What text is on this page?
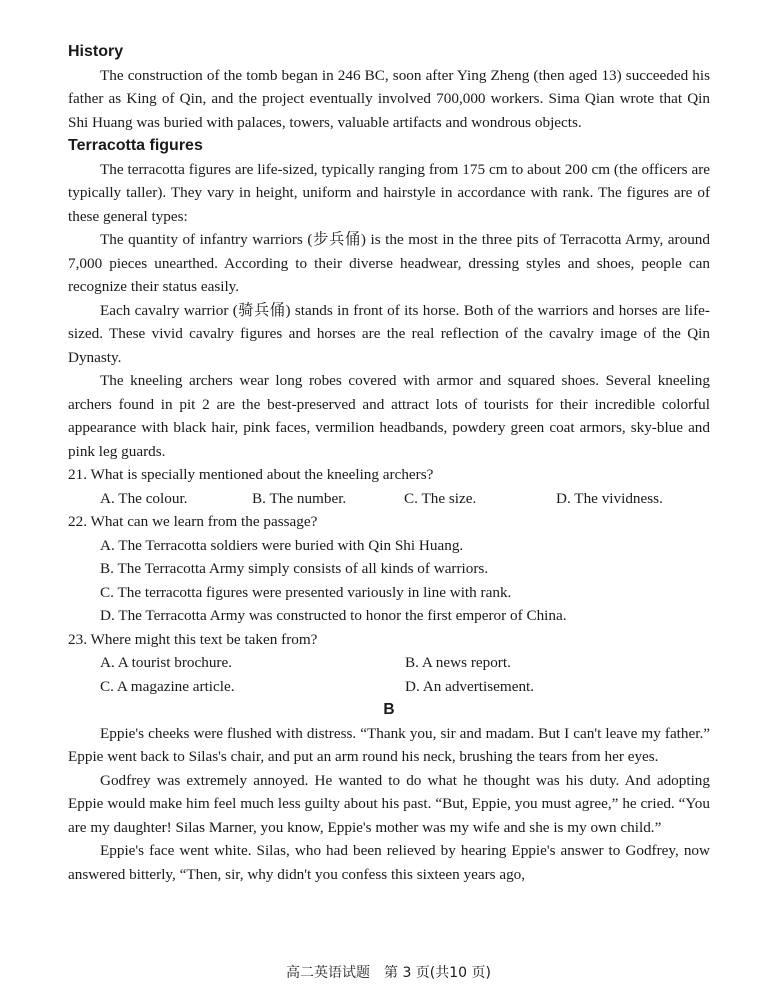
History

The construction of the tomb began in 246 BC, soon after Ying Zheng (then aged 13) succeeded his father as King of Qin, and the project eventually involved 700,000 workers. Sima Qian wrote that Qin Shi Huang was buried with palaces, towers, valuable artifacts and wondrous objects.

Terracotta figures

The terracotta figures are life-sized, typically ranging from 175 cm to about 200 cm (the officers are typically taller). They vary in height, uniform and hairstyle in accordance with rank. The figures are of these general types:

The quantity of infantry warriors (步兵俑) is the most in the three pits of Terracotta Army, around 7,000 pieces unearthed. According to their diverse headwear, dressing styles and shoes, people can recognize their status easily.

Each cavalry warrior (骑兵俑) stands in front of its horse. Both of the warriors and horses are life-sized. These vivid cavalry figures and horses are the real reflection of the cavalry image of the Qin Dynasty.

The kneeling archers wear long robes covered with armor and squared shoes. Several kneeling archers found in pit 2 are the best-preserved and attract lots of tourists for their incredible colorful appearance with black hair, pink faces, vermilion headbands, powdery green coat armors, sky-blue and pink leg guards.

21. What is specially mentioned about the kneeling archers?
A. The colour.	B. The number.	C. The size.	D. The vividness.
22. What can we learn from the passage?
A. The Terracotta soldiers were buried with Qin Shi Huang.
B. The Terracotta Army simply consists of all kinds of warriors.
C. The terracotta figures were presented variously in line with rank.
D. The Terracotta Army was constructed to honor the first emperor of China.
23. Where might this text be taken from?
A. A tourist brochure.	B. A news report.
C. A magazine article.	D. An advertisement.
B

Eppie's cheeks were flushed with distress. “Thank you, sir and madam. But I can't leave my father.” Eppie went back to Silas's chair, and put an arm round his neck, brushing the tears from her eyes.

Godfrey was extremely annoyed. He wanted to do what he thought was his duty. And adopting Eppie would make him feel much less guilty about his past. “But, Eppie, you must agree,” he cried. “You are my daughter! Silas Marner, you know, Eppie's mother was my wife and she is my own child.”

Eppie's face went white. Silas, who had been relieved by hearing Eppie's answer to Godfrey, now answered bitterly, “Then, sir, why didn't you confess this sixteen years ago,

高二英语试题　第 3 页(共10 页)
